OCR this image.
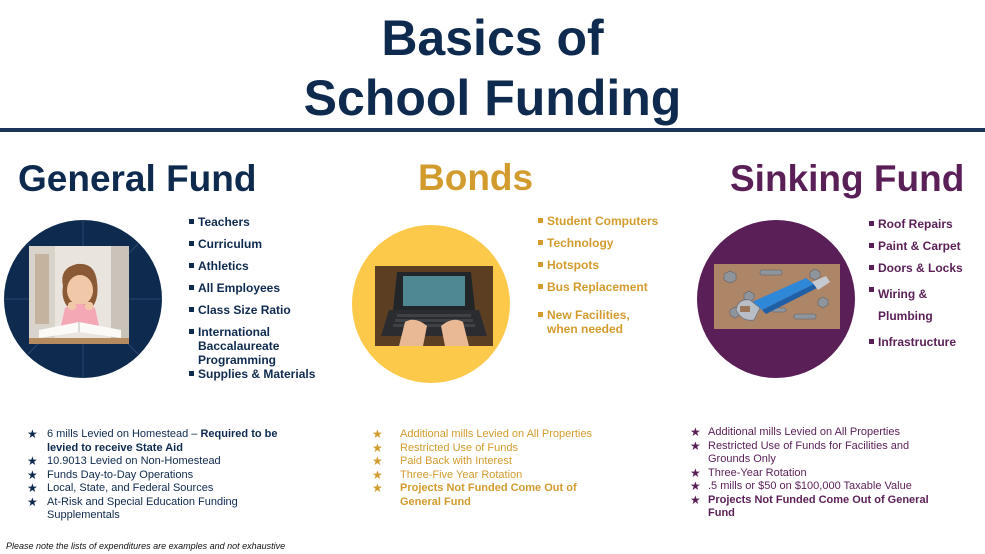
Basics of
School Funding
General Fund
Teachers
Curriculum
Athletics
All Employees
Class Size Ratio
International Baccalaureate Programming
Supplies & Materials
★ 6 mills Levied on Homestead – Required to be levied to receive State Aid
★ 10.9013 Levied on Non-Homestead
★ Funds Day-to-Day Operations
★ Local, State, and Federal Sources
★ At-Risk and Special Education Funding Supplementals
Bonds
Student Computers
Technology
Hotspots
Bus Replacement
New Facilities, when needed
★ Additional mills Levied on All Properties
★ Restricted Use of Funds
★ Paid Back with Interest
★ Three-Five Year Rotation
★ Projects Not Funded Come Out of General Fund
Sinking Fund
Roof Repairs
Paint & Carpet
Doors & Locks
Wiring & Plumbing
Infrastructure
★ Additional mills Levied on All Properties
★ Restricted Use of Funds for Facilities and Grounds Only
★ Three-Year Rotation
★ .5 mills or $50 on $100,000 Taxable Value
★ Projects Not Funded Come Out of General Fund
Please note the lists of expenditures are examples and not exhaustive
